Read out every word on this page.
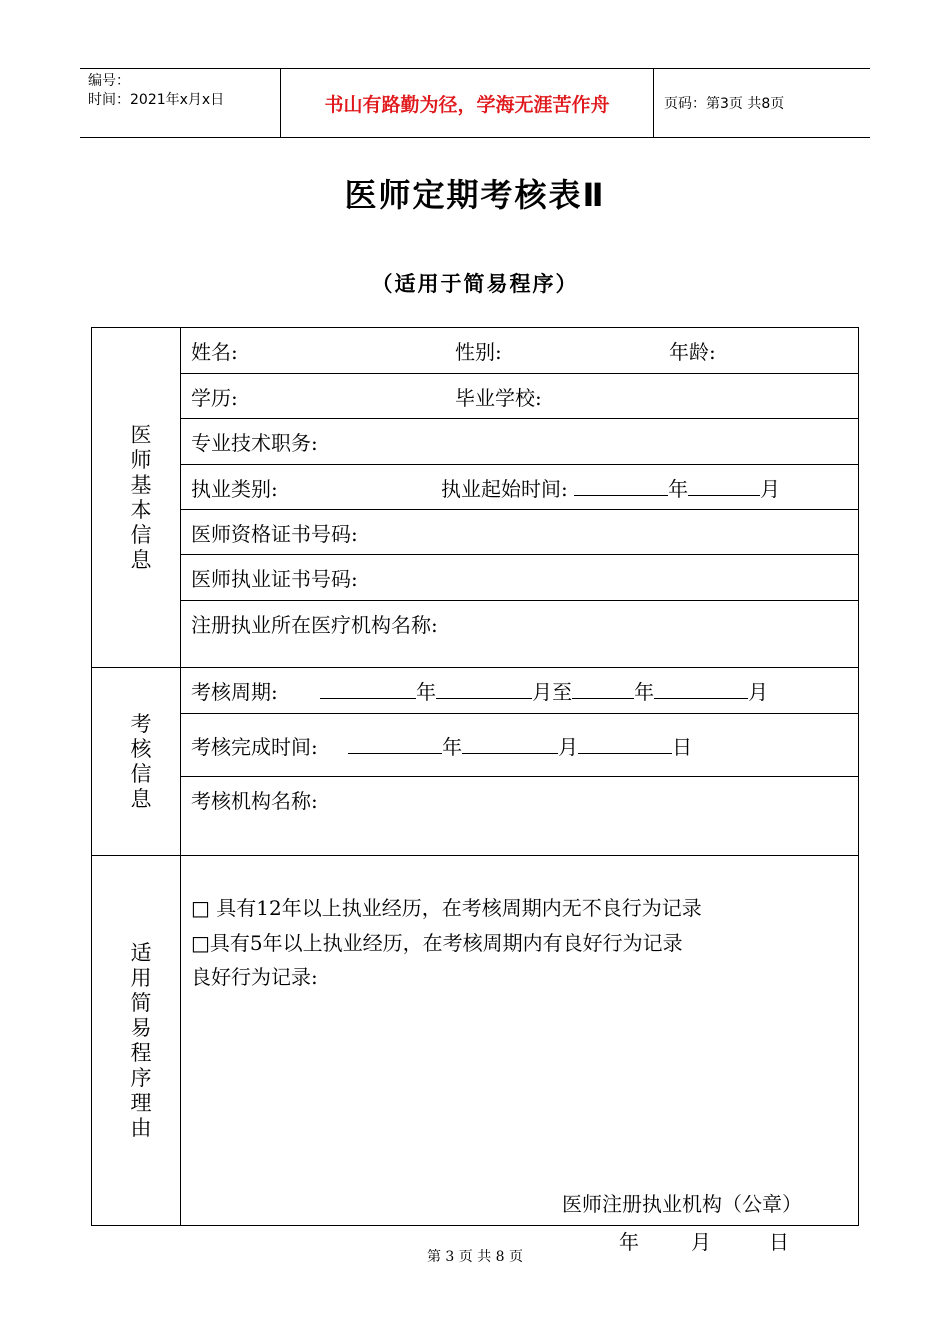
编号：
时间：2021年x月x日	书山有路勤为径，学海无涯苦作舟	页码：第3页 共8页
医师定期考核表Ⅱ
（适用于简易程序）
医师基本信息	姓名: 性别: 年龄:

	学历: 毕业学校:

	专业技术职务:

	执业类别: 执业起始时间: 年 月

	医师资格证书号码:
	医师执业证书号码:
	注册执业所在医疗机构名称:
考核信息	考核周期: 年 月至 年 月
	考核完成时间: 年 月 日
	考核机构名称:
适用简易程序理由	□ 具有12年以上执业经历，在考核周期内无不良行为记录
□具有5年以上执业经历，在考核周期内有良好行为记录
良好行为记录:
医师注册执业机构（公章）
年 月 日
第 3 页 共 8 页
